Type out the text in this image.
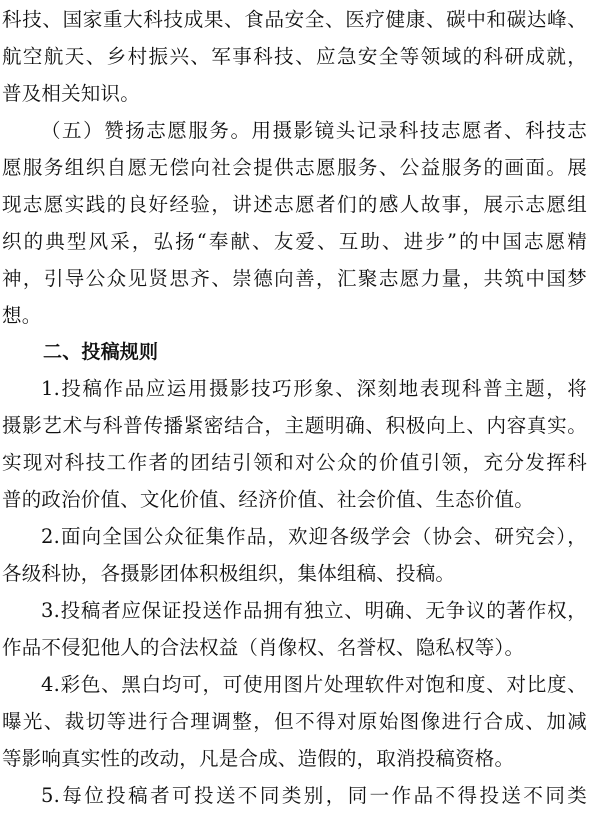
科技、国家重大科技成果、食品安全、医疗健康、碳中和碳达峰、
航空航天、乡村振兴、军事科技、应急安全等领域的科研成就，
普及相关知识。
（五）赞扬志愿服务。用摄影镜头记录科技志愿者、科技志
愿服务组织自愿无偿向社会提供志愿服务、公益服务的画面。展
现志愿实践的良好经验，讲述志愿者们的感人故事，展示志愿组
织的典型风采，弘扬“奉献、友爱、互助、进步”的中国志愿精
神，引导公众见贤思齐、崇德向善，汇聚志愿力量，共筑中国梦
想。
二、投稿规则
1.投稿作品应运用摄影技巧形象、深刻地表现科普主题，将
摄影艺术与科普传播紧密结合，主题明确、积极向上、内容真实。
实现对科技工作者的团结引领和对公众的价值引领，充分发挥科
普的政治价值、文化价值、经济价值、社会价值、生态价值。
2.面向全国公众征集作品，欢迎各级学会（协会、研究会），
各级科协，各摄影团体积极组织，集体组稿、投稿。
3.投稿者应保证投送作品拥有独立、明确、无争议的著作权，
作品不侵犯他人的合法权益（肖像权、名誉权、隐私权等）。
4.彩色、黑白均可，可使用图片处理软件对饱和度、对比度、
曝光、裁切等进行合理调整，但不得对原始图像进行合成、加减
等影响真实性的改动，凡是合成、造假的，取消投稿资格。
5.每位投稿者可投送不同类别，同一作品不得投送不同类
